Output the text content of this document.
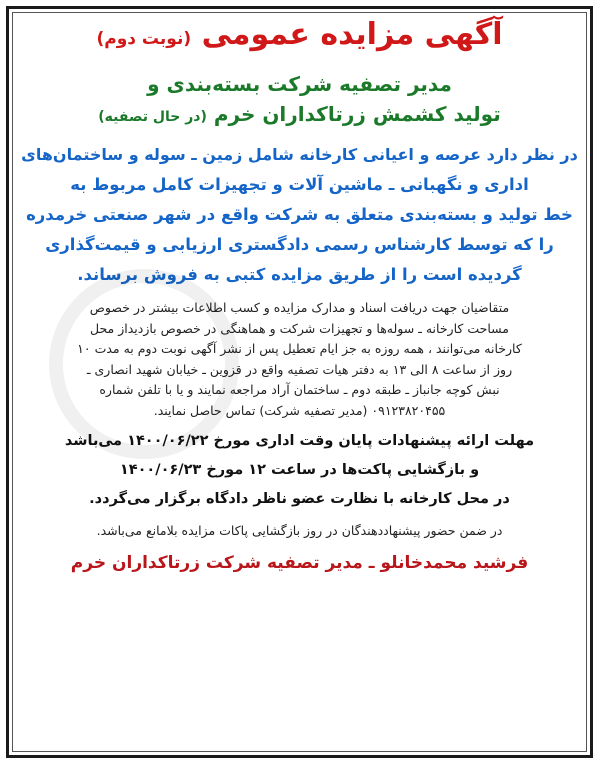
آگهی مزایده عمومی (نوبت دوم)
مدیر تصفیه شرکت بسته‌بندی و
تولید کشمش زرتاکداران خرم (در حال تصفیه)
در نظر دارد عرصه و اعیانی کارخانه شامل زمین ـ سوله و ساختمان‌های
اداری و نگهبانی ـ ماشین آلات و تجهیزات کامل مربوط به
خط تولید و بسته‌بندی متعلق به شرکت واقع در شهر صنعتی خرمدره
را که توسط کارشناس رسمی دادگستری ارزیابی و قیمت‌گذاری
گردیده است را از طریق مزایده کتبی به فروش برساند.
متقاضیان جهت دریافت اسناد و مدارک مزایده و کسب اطلاعات بیشتر در خصوص
مساحت کارخانه ـ سوله‌ها و تجهیزات شرکت و هماهنگی در خصوص بازدیداز محل
کارخانه می‌توانند ، همه روزه به جز ایام تعطیل پس از نشر آگهی نوبت دوم به مدت ۱۰
روز از ساعت ۸ الی ۱۳ به دفتر هیات تصفیه واقع در قزوین ـ خیابان شهید انصاری ـ
نبش کوچه جانباز ـ طبقه دوم ـ ساختمان آراد مراجعه نمایند و یا با تلفن شماره
۰۹۱۲۳۸۲۰۴۵۵ (مدیر تصفیه شرکت) تماس حاصل نمایند.
مهلت ارائه پیشنهادات پایان وقت اداری مورخ ۱۴۰۰/۰۶/۲۲ می‌باشد
و بازگشایی پاکت‌ها در ساعت ۱۲ مورخ ۱۴۰۰/۰۶/۲۳
در محل کارخانه با نظارت عضو ناظر دادگاه برگزار می‌گردد.
در ضمن حضور پیشنهاددهندگان در روز بازگشایی پاکات مزایده بلامانع می‌باشد.
فرشید محمدخانلو ـ مدیر تصفیه شرکت زرتاکداران خرم
